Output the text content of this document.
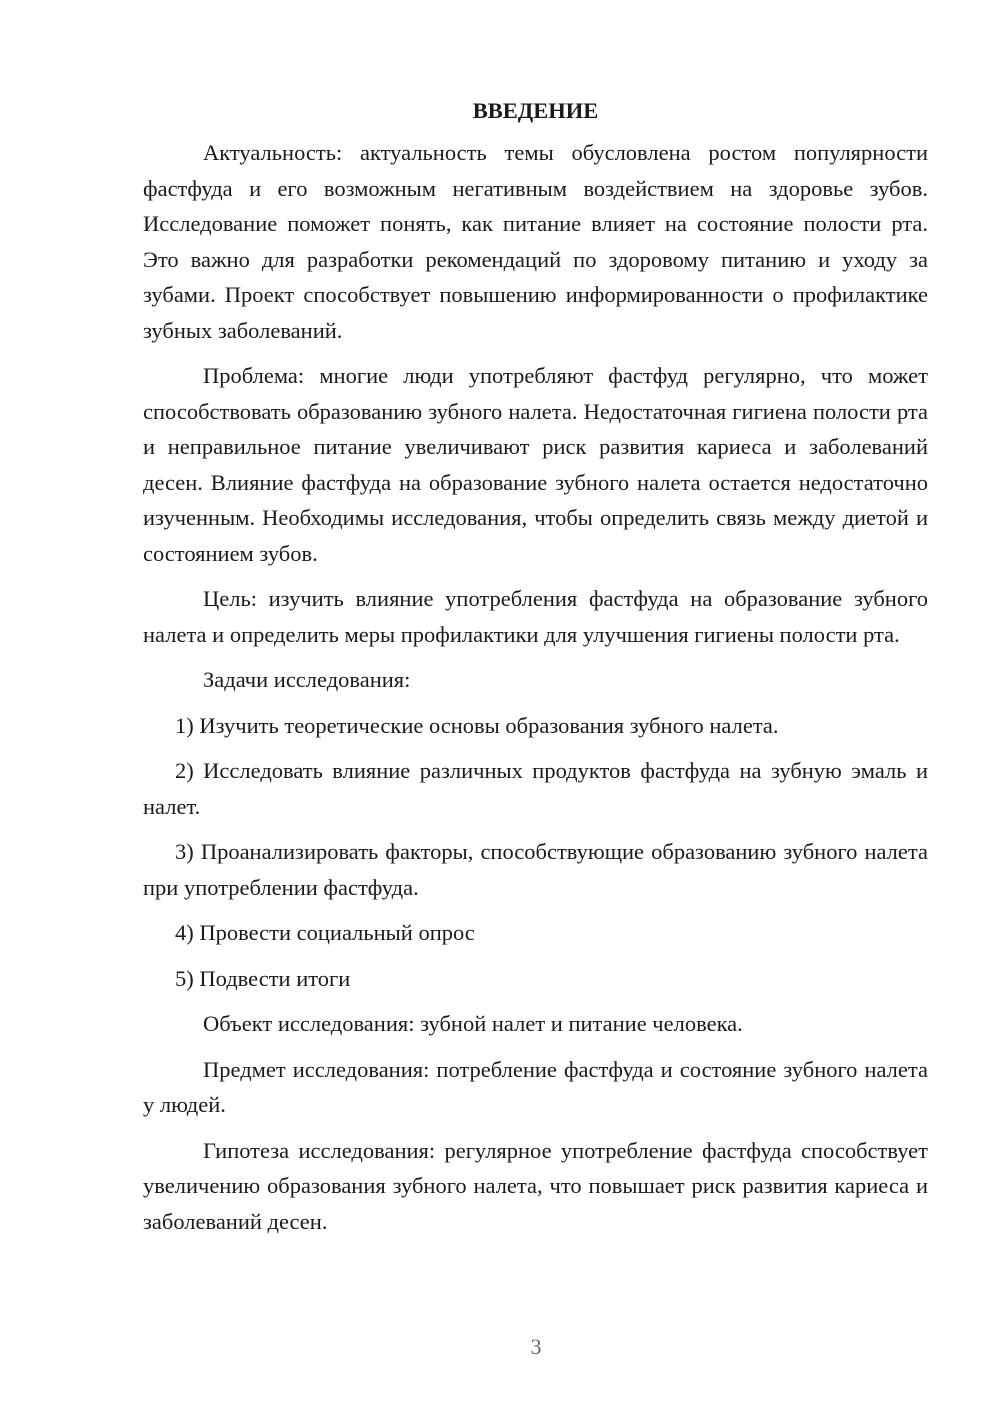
ВВЕДЕНИЕ

Актуальность: актуальность темы обусловлена ростом популярности фастфуда и его возможным негативным воздействием на здоровье зубов. Исследование поможет понять, как питание влияет на состояние полости рта. Это важно для разработки рекомендаций по здоровому питанию и уходу за зубами. Проект способствует повышению информированности о профилактике зубных заболеваний.

Проблема: многие люди употребляют фастфуд регулярно, что может способствовать образованию зубного налета. Недостаточная гигиена полости рта и неправильное питание увеличивают риск развития кариеса и заболеваний десен. Влияние фастфуда на образование зубного налета остается недостаточно изученным. Необходимы исследования, чтобы определить связь между диетой и состоянием зубов.

Цель: изучить влияние употребления фастфуда на образование зубного налета и определить меры профилактики для улучшения гигиены полости рта.

Задачи исследования:

1) Изучить теоретические основы образования зубного налета.

2) Исследовать влияние различных продуктов фастфуда на зубную эмаль и налет.

3) Проанализировать факторы, способствующие образованию зубного налета при употреблении фастфуда.

4) Провести социальный опрос

5) Подвести итоги

Объект исследования: зубной налет и питание человека.

Предмет исследования: потребление фастфуда и состояние зубного налета у людей.

Гипотеза исследования: регулярное употребление фастфуда способствует увеличению образования зубного налета, что повышает риск развития кариеса и заболеваний десен.

3
